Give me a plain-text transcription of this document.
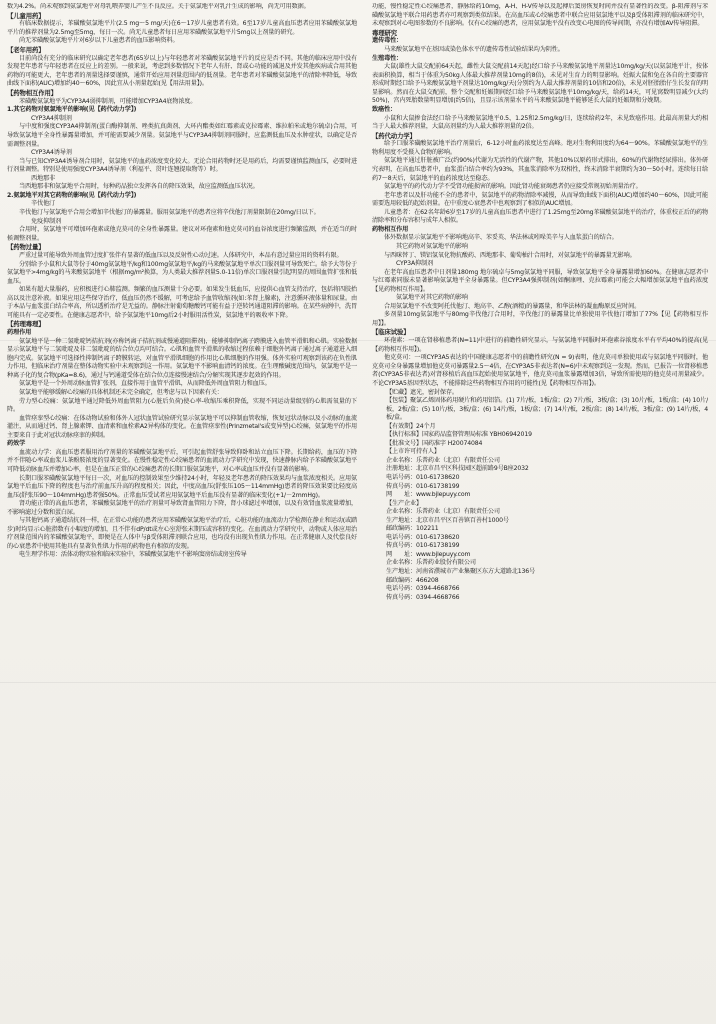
数为4.2%。尚未观察到氨氯地平对母乳喂养婴儿产生不良反应。关于氨氯地平对乳汁生成的影响，尚无可用数据。

【儿童用药】

有临床数据提示，苯磺酸氨氯地平片(2.5 mg～5 mg/天)在6～17岁儿童患者有效。6至17岁儿童高血压患者应用苯磺酸氨氯地平片的推荐剂量为2.5mg至5mg，每日一次。尚无儿童患者每日应用苯磺酸氨氯地平片5mg以上剂量的研究。

尚无苯磺酸氨氯地平片对6岁以下儿童患者的血压影响资料。

【老年用药】

目前尚没有充分的临床研究以确定老年患者(65岁以上)与年轻患者对苯磺酸氨氯地平片的反应是否不同。其他的临床应用中没有发现老年患者与年轻患者在反应上的差别。一般来说，考虑到多数情况下老年人有肝、肾或心功能的减退及并发其他疾病或合用其他药物的可能更大，老年患者的剂量选择要谨慎，通常开始应用剂量范围内的低剂量。老年患者对苯磺酸氨氯地平的清除率降低，导致曲线下面积(AUC)增加约40～60%，因此宜从小剂量起始(见【用法用量】)。

【药物相互作用】

苯磺酸氨氯地平为CYP3A4弱抑制剂，可能增加CYP3A4底物浓度。

1.其它药物对氨氯地平的影响(见【药代动力学】)

CYP3A4抑制剂

与中度和强度CYP3A4抑制剂(蛋白酶抑制剂、唑类抗真菌剂、大环内酯类如红霉素或克拉霉素、维拉帕米或地尔硫卓)合用，可导致氨氯地平全身性暴露量增加，并可能需要减少剂量。氨氯地平与CYP3A4抑制剂同服时，应监测低血压及水肿症状，以确定是否需调整剂量。

CYP3A4诱导剂

当与已知CYP3A4诱导剂合用时，氨氯地平的血药浓度变化较大。无论合用药物时还是用药后，均需要谨慎监测血压，必要时进行剂量调整。特别是使用强度CYP3A4诱导剂（利福平、贯叶连翘提取物等）时。

西地那非

当西地那非和氨氯地平合用时，每种药品独立发挥各自的降压效果，故应监测低血压状况。

2.氨氯地平对其它药物的影响(见【药代动力学】)

辛伐他汀

辛伐他汀与氨氯地平合用会增加辛伐他汀的暴露量。服用氨氯地平的患者应将辛伐他汀剂量限制在20mg/日以下。

免疫抑制剂

合用时，氨氯地平可增加环孢素或他克莫司的全身性暴露量。建议对环孢素和他克莫司的血谷浓度进行频繁监测，并在适当的时候调整剂量。

【药物过量】

严重过量可能导致外周血管过度扩张伴有显著的低血压以及反射性心动过速。人体研究中，本品有意过量应用的资料有限。

分别给予小鼠和大鼠等份于40mg氨氯地平/kg和100mg氨氯地平/kg的马来酸氨氯地平单次口服剂量可导致死亡。给予大等份于氨氯地平>4mg/kg的马来酸氨氯地平（根据mg/m²换算，为人类最大推荐剂量5.0-11倍)单次口服剂量引起明显的周围血管扩张和低血压。

如果有超大量服药，应积极进行心肺监测。频繁的血压测量十分必要。如果发生低血压，应提供心血管支持治疗，包括将四肢抬高以及注意补液。如果应用这些保守治疗，低血压仍然不缓解，可考虑给予血管收缩剂(如:苯肾上腺素)，注意循环液体量和尿量。由于本品与血浆蛋白结合率高，所以透析治疗是无益的。静脉注射葡萄糖酸钙可能有益于逆转钙通道阻滞的影响。在某些病例中，洗胃可能具有一定必要性。在健康志愿者中，给予氨氯地平10mg后2小时服用活性炭，氨氯地平的吸收率下降。

【药理毒理】
药理作用

氨氯地平是一种二氢吡啶钙拮抗剂(亦称钙离子拮抗剂或慢通道阻滞剂)，能够抑制钙离子跨膜进入血管平滑肌和心肌。实验数据显示氨氯地平与二氢吡啶及非二氢吡啶的结合位点均可结合。心肌和血管平滑肌的收缩过程依赖于细胞外钙离子通过离子通道进入细胞内完成。氨氯地平可选择性抑制钙离子跨膜转运，对血管平滑肌细胞的作用比心肌细胞的作用强。体外实验可观察到该药在负性肌力作用，但临床治疗剂量在整体动物实验中未观察到这一作用。氨氯地平不影响血清钙的浓度。在生理酸碱度范围内，氨氯地平是一种离子化的复合物(pKa=8.6)，通过与钙通道受体在结合位点连接慢速结合/分解实现其逐步起效的作用。

氨氯地平是一个外周动脉血管扩张剂，直接作用于血管平滑肌，从而降低外周血管阻力和血压。

氨氯地平能够缓解心绞痛的具体机制还未完全确定，但考虑与以下因素有关：

劳力型心绞痛：氨氯地平通过降低外周血管阻力(心脏后负荷)使心率-收缩压乘积降低，实现不同运动量级别的心肌需氧量的下降。

血管痉挛型心绞痛：在体动物试验和体外人冠状血管试验研究显示氨氯地平可以抑制血管收缩，恢复冠状动脉以及小动脉的血流灌注，从而通过钙、肾上腺素钾、血清素和血栓素A2异构体的变化。在血管痉挛性(Prinzmetal's或变异型)心绞痛，氨氯地平的作用主要来自于此对冠状动脉痉挛的抑制。

药效学

血流动力学：高血压患者服用治疗剂量的苯磺酸氨氯地平后，可引起血管舒张导致仰卧和站立血压下降。长期给药，血压的下降并不伴随心率或血浆儿茶酚胺浓度的显著变化。在慢性稳定性心绞痛患者的血流动力学研究中发现，快速静脉内给予苯磺酸氨氯地平可降低动脉血压并增加心率，但是在血压正常的心绞痛患者的长期口服氨氯地平，对心率或血压并没有显著的影响。

长期口服苯磺酸氨氯地平每日一次，对血压的控制效果至少维持24小时，年轻及老年患者的降压效果均与血浆浓度相关。应用氨氯地平后血压下降的程度也与治疗前血压升高的程度相关；因此，中度高血压(舒张压105～114mmHg)患者的降压效果要比轻度高血压(舒张压90～104mmHg)患者强50%。正常血压受试者应用氨氯地平后血压没有显著的临床变化(+1/－2mmHg)。

肾功能正常的高血压患者，苯磺酸氨氯地平的治疗剂量可导致肾血管阻力下降，肾小球滤过率增加，以及有效肾血浆流量增加，不影响滤过分数和蛋白尿。

与其他钙离子通道结抗剂一样，在正常心功能的患者应用苯磺酸氨氯地平治疗后，心脏功能的血流动力学检测在静止和运动(或踏步)时均显示心脏指数有小幅度的增加，且不伴有dP/dt或左心室舒张末期压或容积的变化。在血流动力学研究中，动物或人体应用治疗剂量范围内的苯磺酸氨氯地平，即便是在人体中与β受体阻滞剂联合应用，也均没有出现负性肌力作用。在正常健康人及代偿良好的心衰患者中使用其他具有显著负性肌力作用的药物也有相似的发现。

电生理学作用：活体动物实验和临床实验中，苯磺酸氨氯地平不影响窦房结或房室传导

功能，慢性稳定性心绞痛患者，静脉给药10mg，A-H、H-V传导以及起搏后窦房恢复时间并没有显著性的改变。β-阻滞剂与苯磺酸氨氯地平联合用药患者亦可观察到类似结果。在高血压或心绞痛患者中联合应用氨氯地平以及β受体阻滞剂的临床研究中，未观察到对心电图参数的不良影响。仅有心绞痛的患者，应用氨氯地平没有改变心电图的传导间期，亦没有增加AV传导阻滞。

毒理研究
遗传毒性：

马来酸氨氯地平在基因或染色体水平的遗传毒性试验结果均为阴性。

生殖毒性：

大鼠(雄性大鼠交配前64天起，雌性大鼠交配前14天起)经口给予马来酸氨氯地平剂量达10mg/kg/天(以氨氯地平计，按体表面积换算，相当于体重为50kg人体最大推荐剂量10mg的8倍)，未见对生育力的明显影响。妊娠大鼠和兔在各自的主要器官形成时期经口给予马来酸氨氯地平剂量达10mg/kg/天(分别约为人最大推荐剂量的10倍和20倍)，未见对胚胎胎仔生长发育的明显影响。然而在大鼠交配前，整个交配和妊娠期间经口给予马来酸氨氯地平10mg/kg/天，给药14天，可见窝数明显减少(大约50%)，宫内死胎数量明显增加(约5倍)，且显示该剂量水平的马来酸氨氯地平能够延长大鼠的妊娠期和分娩期。

致癌性：

小鼠和大鼠掺食法经口给予马来酸氨氯地平0.5、1.25和2.5mg/kg/日，连续给药2年，未见致癌作用。此最高剂量大约相当于人最大推荐剂量，大鼠高剂量约为人最大推荐剂量的2倍。

【药代动力学】

给予口服苯磺酸氨氯地平治疗剂量后，6-12小时血药浓度达至高峰。绝对生物利用度约为64～90%。苯磺酸氨氯地平的生物利用度不受摄入食物的影响。

氨氯地平通过肝脏被广泛(约90%)代谢为无活性的代谢产物，其他10%以原药形式排出，60%的代谢物经尿排出。体外研究表明，在高血压患者中，血浆蛋白结合率约为93%，其血浆消除率为双相性，终末消除半衰期约为30～50小时。连续每日给药7～8天后，氨氯地平的血药浓度达至稳态。

氨氯地平的药代动力学不受肾功能损害的影响。因此肾功能衰竭患者仍应接受常规初始剂量治疗。

老年患者以及肝功能不全的患者中，氨氯地平的药物清除率减慢，从而导致曲线下面积(AUC)增加约40～60%，因此可能需要选用较低的起始剂量。在中重度心衰患者中也观察到了相似的AUC增加。

儿童患者：在62名年龄6岁至17岁的儿童高血压患者中进行了1.25mg至20mg苯磺酸氨氯地平的治疗，体重校正后的药物清除率和分布容积与成年人相似。

药物相互作用

体外数据显示氨氯地平不影响地高辛、苯妥英、华法林或吲哚美辛与人血浆蛋白的结合。

其它药物对氨氯地平的影响

与西咪替丁、镁铝氢氧化物抗酸药、西地那非、葡萄柚汁合用时，对氨氯地平的暴露量无影响。

CYP3A抑制剂

在老年高血压患者中日剂量180mg 地尔硫卓与5mg氨氯地平同服，导致氨氯地平全身暴露量增加60%。在健康志愿者中与红霉素同服未显著影响氨氯地平全身暴露量。但CYP3A4强抑制剂(如酮康唑、克拉霉素)可能会大幅增加氨氯地平血药浓度【见药物相互作用】。

氨氯地平对其它药物的影响

合用氨氯地平不改变阿托伐他汀、地高辛、乙醇(酒精)的暴露量，和华法林的凝血酶原反应时间。

多剂量10mg氨氯地平与80mg辛伐他汀合用时，辛伐他汀的暴露量比单独使用辛伐他汀增加了77%【见【药物相互作用】】。

【临床试验】

环孢素：一项在肾移植患者(N=11)中进行的前瞻性研究显示，与氨氯地平同服时环孢素谷浓度水平有平均40%的提高(见【药物相互作用】)。

他克莫司：一项CYP3A5表达的中国健康志愿者中的前瞻性研究(N = 9)表明，他克莫司单独使用或与氨氯地平同服时，他克莫司全身暴露量增加他克莫司暴露量2.5～4倍，在CYP3A5非表达者(N=6)中未观察到这一发现。然而，已报告一位肾移植患者(CYP3A5非表达者)对肾移植后高血压起始使用氨氯地平，他克莫司血浆暴露增加3倍，导致所需使用的他克莫司剂量减少。不论CYP3A5基因型状态，不能排除这些药物相互作用的可能性(见【药物相互作用】)。

【贮藏】遮光，密封保存。

【包装】聚氯乙烯固体药用硬片和药用铝箔。(1) 7片/板，1板/盒；(2) 7片/板，3板/盒；(3) 10片/板，1板/盒；(4) 10片/板，2板/盒；(5) 10片/板，3板/盒；(6) 14片/板，1板/盒；(7) 14片/板，2板/盒；(8) 14片/板，3板/盒；(9) 14片/板，4板/盒。

【有效期】24个月

【执行标准】国家药品监督管理局标准 YBH06942019

【批准文号】国药准字 H20074084

【上市许可持有人】

企业名称：乐普药业（北京）有限责任公司

注册地址：北京市昌平区科技园区超前路9号B座2032

电话号码：010-61738620

传真号码：010-61738199

网　　址：www.bjlepuyy.com

【生产企业】

企业名称：乐普药业（北京）有限责任公司

生产地址：北京市昌平区百善镇百善村1000号

邮政编码：102211

电话号码：010-61738620

传真号码：010-61738199

网　　址：www.bjlepuyy.com

企业名称：乐普药业股份有限公司

生产地址：河南省濮城市产业集聚区东方大道路北136号

邮政编码：466208

电话号码：0394-4668766

传真号码：0394-4668766
